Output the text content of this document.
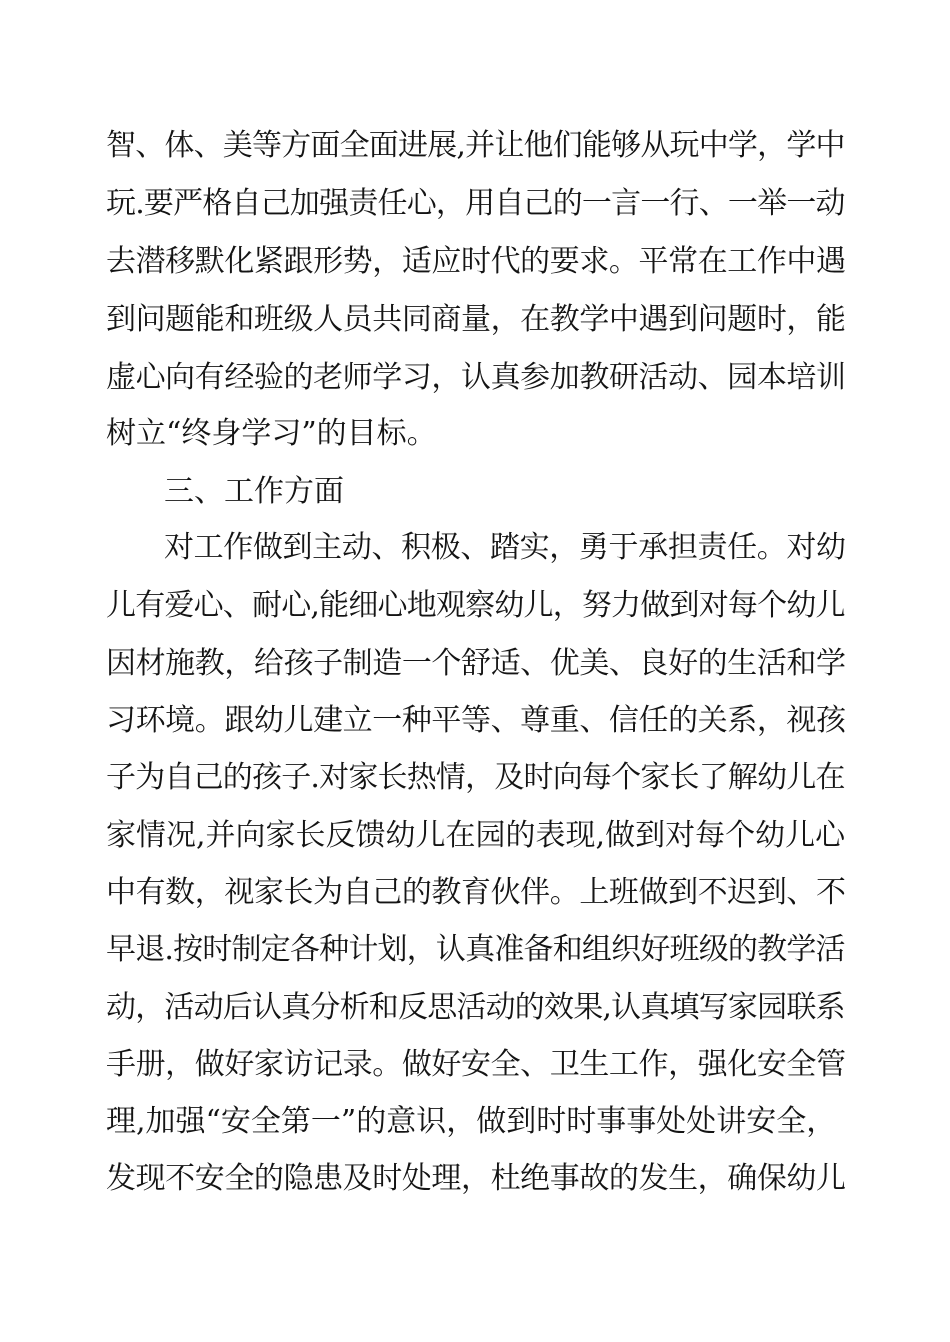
智、体、美等方面全面进展,并让他们能够从玩中学，学中
玩.要严格自己加强责任心，用自己的一言一行、一举一动
去潜移默化紧跟形势，适应时代的要求。平常在工作中遇
到问题能和班级人员共同商量，在教学中遇到问题时，能
虚心向有经验的老师学习，认真参加教研活动、园本培训
树立“终身学习”的目标。
三、工作方面
对工作做到主动、积极、踏实，勇于承担责任。对幼
儿有爱心、耐心,能细心地观察幼儿，努力做到对每个幼儿
因材施教，给孩子制造一个舒适、优美、良好的生活和学
习环境。跟幼儿建立一种平等、尊重、信任的关系，视孩
子为自己的孩子.对家长热情，及时向每个家长了解幼儿在
家情况,并向家长反馈幼儿在园的表现,做到对每个幼儿心
中有数，视家长为自己的教育伙伴。上班做到不迟到、不
早退.按时制定各种计划，认真准备和组织好班级的教学活
动，活动后认真分析和反思活动的效果,认真填写家园联系
手册，做好家访记录。做好安全、卫生工作，强化安全管
理,加强“安全第一”的意识，做到时时事事处处讲安全，
发现不安全的隐患及时处理，杜绝事故的发生，确保幼儿
